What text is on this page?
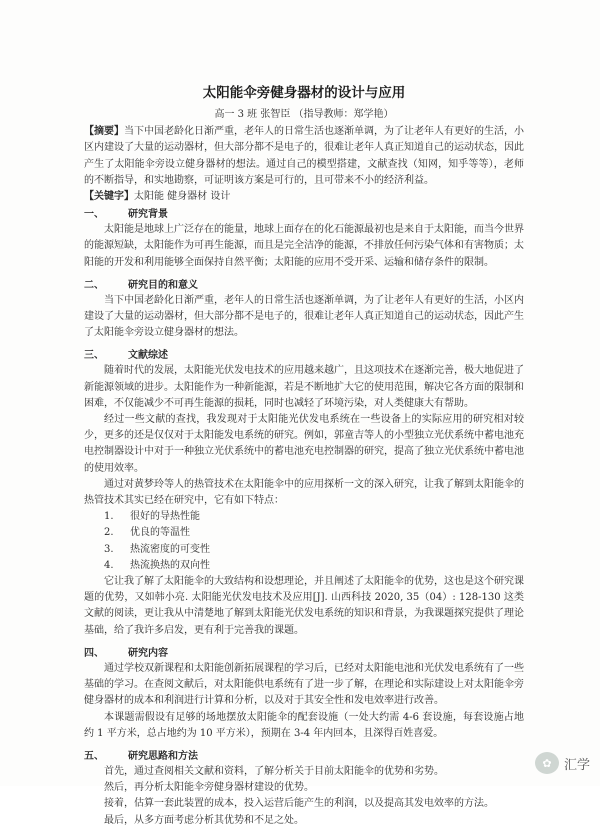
太阳能伞旁健身器材的设计与应用
高一 3 班 张智臣 （指导教师：郑学艳）

【摘要】当下中国老龄化日渐严重，老年人的日常生活也逐渐单调，为了让老年人有更好的生活，小区内建设了大量的运动器材，但大部分都不是电子的，很难让老年人真正知道自己的运动状态，因此产生了太阳能伞旁设立健身器材的想法。通过自己的模型搭建，文献查找（知网，知乎等等），老师的不断指导，和实地勘察，可证明该方案是可行的，且可带来不小的经济利益。

【关键字】太阳能 健身器材 设计

一、	研究背景

太阳能是地球上广泛存在的能量，地球上面存在的化石能源最初也是来自于太阳能，而当今世界的能源短缺，太阳能作为可再生能源，而且是完全洁净的能源，不排放任何污染气体和有害物质；太阳能的开发和利用能够全面保持自然平衡；太阳能的应用不受开采、运输和储存条件的限制。

二、	研究目的和意义

当下中国老龄化日渐严重，老年人的日常生活也逐渐单调，为了让老年人有更好的生活，小区内建设了大量的运动器材，但大部分都不是电子的，很难让老年人真正知道自己的运动状态，因此产生了太阳能伞旁设立健身器材的想法。

三、	文献综述

随着时代的发展，太阳能光伏发电技术的应用越来越广，且这项技术在逐渐完善，极大地促进了新能源领域的进步。太阳能作为一种新能源，若是不断地扩大它的使用范围，解决它各方面的限制和困难，不仅能减少不可再生能源的损耗，同时也减轻了环境污染，对人类健康大有帮助。

经过一些文献的查找，我发现对于太阳能光伏发电系统在一些设备上的实际应用的研究相对较少，更多的还是仅仅对于太阳能发电系统的研究。例如，郭童吉等人的小型独立光伏系统中蓄电池充电控制器设计中对于一种独立光伏系统中的蓄电池充电控制器的研究，提高了独立光伏系统中蓄电池的使用效率。

通过对黄梦玲等人的热管技术在太阳能伞中的应用探析一文的深入研究，让我了解到太阳能伞的热管技术其实已经在研究中，它有如下特点：

1.	很好的导热性能
2.	优良的等温性
3.	热流密度的可变性
4.	热流换热的双向性

它让我了解了太阳能伞的大致结构和设想理论，并且阐述了太阳能伞的优势，这也是这个研究课题的优势，又如韩小亮. 太阳能光伏发电技术及应用[J]. 山西科技 2020, 35（04）: 128-130 这类文献的阅读，更让我从中清楚地了解到太阳能光伏发电系统的知识和背景，为我课题探究提供了理论基础，给了我许多启发，更有利于完善我的课题。

四、	研究内容

通过学校双新课程和太阳能创新拓展课程的学习后，已经对太阳能电池和光伏发电系统有了一些基础的学习。在查阅文献后，对太阳能供电系统有了进一步了解，在理论和实际建设上对太阳能伞旁健身器材的成本和利润进行计算和分析，以及对于其安全性和发电效率进行改善。

本课题需假设有足够的场地摆放太阳能伞的配套设施（一处大约需 4-6 套设施，每套设施占地约 1 平方米，总占地约为 10 平方米），预期在 3-4 年内回本，且深得百姓喜爱。

五、	研究思路和方法

首先，通过查阅相关文献和资料，了解分析关于目前太阳能伞的优势和劣势。

然后，再分析太阳能伞旁健身器材建设的优势。

接着，估算一套此装置的成本，投入运营后能产生的利润，以及提高其发电效率的方法。

最后，从多方面考虑分析其优势和不足之处。

✿ 汇学
